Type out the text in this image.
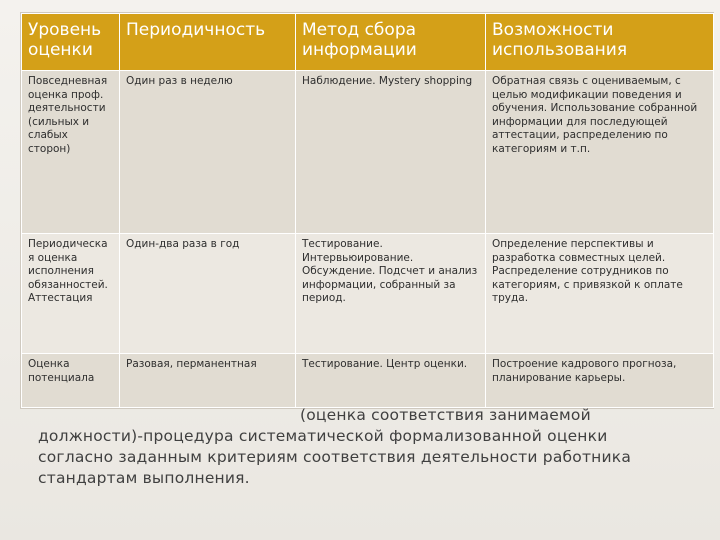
Уровень оценки	Периодичность	Метод сбора информации	Возможности использования
Повседневная оценка проф. деятельности (сильных и слабых сторон)	Один раз в неделю	Наблюдение. Mystery shopping	Обратная связь с оцениваемым, с целью модификации поведения и обучения. Использование собранной информации для последующей аттестации, распределению по категориям и т.п.
Периодическая оценка исполнения обязанностей. Аттестация	Один-два раза в год	Тестирование. Интервьюирование. Обсуждение. Подсчет и анализ информации, собранный за период.	Определение перспективы и разработка совместных целей. Распределение сотрудников по категориям, с привязкой к оплате труда.
Оценка потенциала	Разовая, перманентная	Тестирование. Центр оценки.	Построение кадрового прогноза, планирование карьеры.
(оценка соответствия занимаемой должности)-процедура систематической формализованной оценки согласно заданным критериям соответствия деятельности работника стандартам выполнения.
